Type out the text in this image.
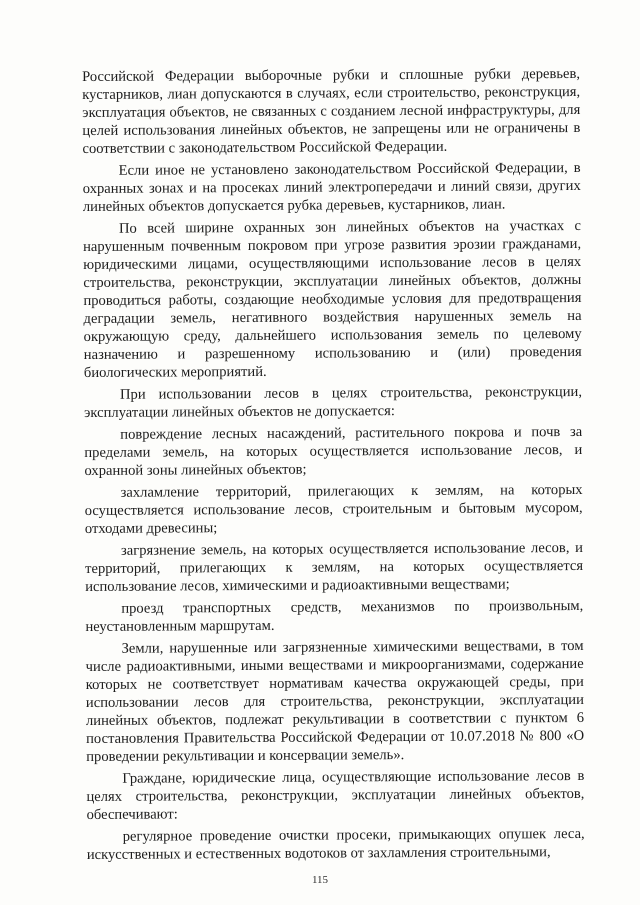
Российской Федерации выборочные рубки и сплошные рубки деревьев, кустарников, лиан допускаются в случаях, если строительство, реконструкция, эксплуатация объектов, не связанных с созданием лесной инфраструктуры, для целей использования линейных объектов, не запрещены или не ограничены в соответствии с законодательством Российской Федерации.

Если иное не установлено законодательством Российской Федерации, в охранных зонах и на просеках линий электропередачи и линий связи, других линейных объектов допускается рубка деревьев, кустарников, лиан.

По всей ширине охранных зон линейных объектов на участках с нарушенным почвенным покровом при угрозе развития эрозии гражданами, юридическими лицами, осуществляющими использование лесов в целях строительства, реконструкции, эксплуатации линейных объектов, должны проводиться работы, создающие необходимые условия для предотвращения деградации земель, негативного воздействия нарушенных земель на окружающую среду, дальнейшего использования земель по целевому назначению и разрешенному использованию и (или) проведения биологических мероприятий.

При использовании лесов в целях строительства, реконструкции, эксплуатации линейных объектов не допускается:

повреждение лесных насаждений, растительного покрова и почв за пределами земель, на которых осуществляется использование лесов, и охранной зоны линейных объектов;

захламление территорий, прилегающих к землям, на которых осуществляется использование лесов, строительным и бытовым мусором, отходами древесины;

загрязнение земель, на которых осуществляется использование лесов, и территорий, прилегающих к землям, на которых осуществляется использование лесов, химическими и радиоактивными веществами;

проезд транспортных средств, механизмов по произвольным, неустановленным маршрутам.

Земли, нарушенные или загрязненные химическими веществами, в том числе радиоактивными, иными веществами и микроорганизмами, содержание которых не соответствует нормативам качества окружающей среды, при использовании лесов для строительства, реконструкции, эксплуатации линейных объектов, подлежат рекультивации в соответствии с пунктом 6 постановления Правительства Российской Федерации от 10.07.2018 № 800 «О проведении рекультивации и консервации земель».

Граждане, юридические лица, осуществляющие использование лесов в целях строительства, реконструкции, эксплуатации линейных объектов, обеспечивают:

регулярное проведение очистки просеки, примыкающих опушек леса, искусственных и естественных водотоков от захламления строительными,

115
